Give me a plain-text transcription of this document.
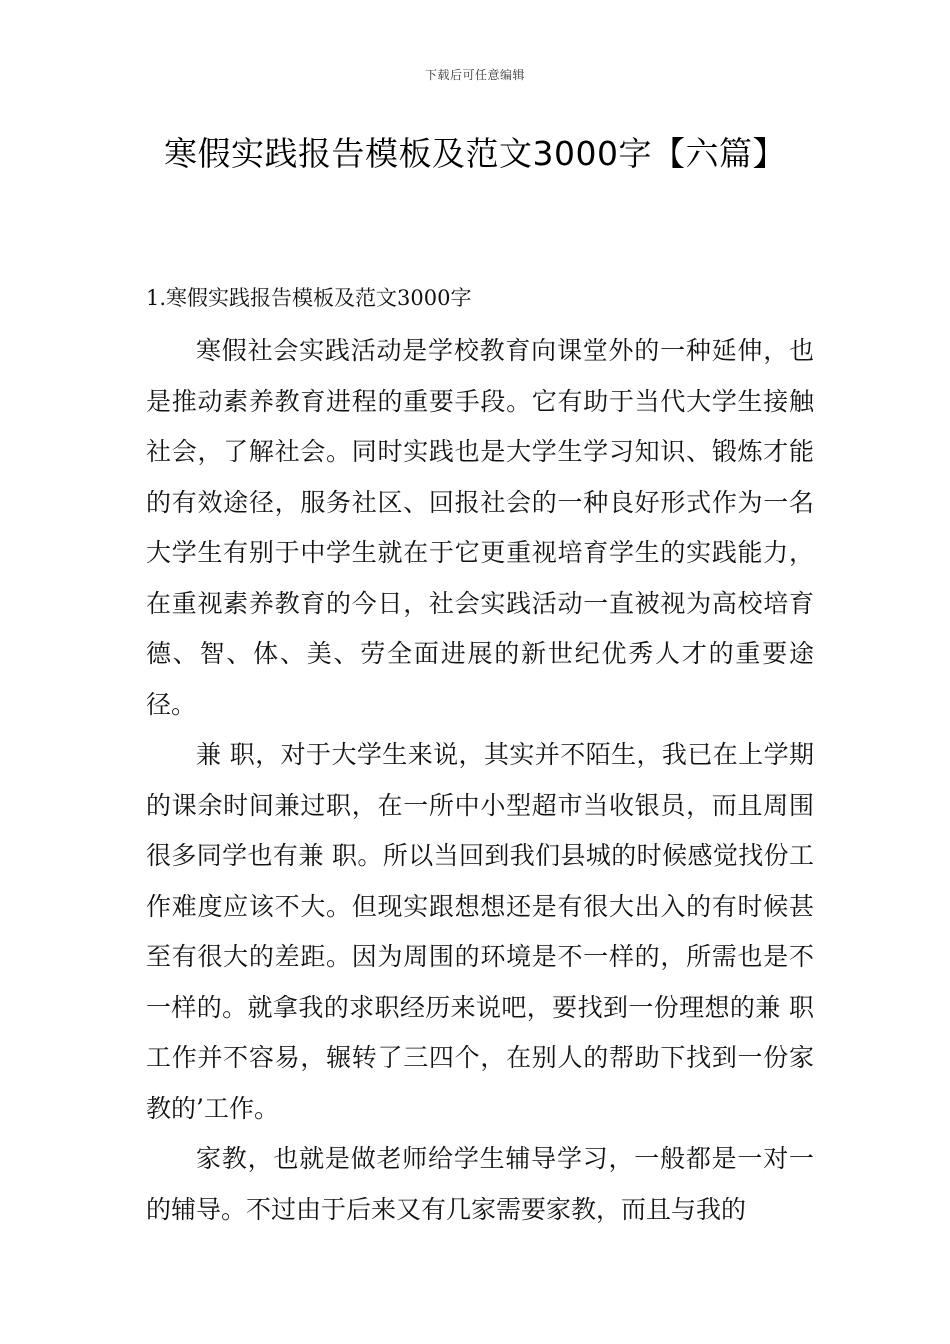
下载后可任意编辑
寒假实践报告模板及范文3000字【六篇】
1.寒假实践报告模板及范文3000字

寒假社会实践活动是学校教育向课堂外的一种延伸，也是推动素养教育进程的重要手段。它有助于当代大学生接触社会，了解社会。同时实践也是大学生学习知识、锻炼才能的有效途径，服务社区、回报社会的一种良好形式作为一名大学生有别于中学生就在于它更重视培育学生的实践能力，在重视素养教育的今日，社会实践活动一直被视为高校培育德、智、体、美、劳全面进展的新世纪优秀人才的重要途径。

兼 职，对于大学生来说，其实并不陌生，我已在上学期的课余时间兼过职，在一所中小型超市当收银员，而且周围很多同学也有兼 职。所以当回到我们县城的时候感觉找份工作难度应该不大。但现实跟想想还是有很大出入的有时候甚至有很大的差距。因为周围的环境是不一样的，所需也是不一样的。就拿我的求职经历来说吧，要找到一份理想的兼 职工作并不容易，辗转了三四个，在别人的帮助下找到一份家教的’工作。

家教，也就是做老师给学生辅导学习，一般都是一对一的辅导。不过由于后来又有几家需要家教，而且与我的
